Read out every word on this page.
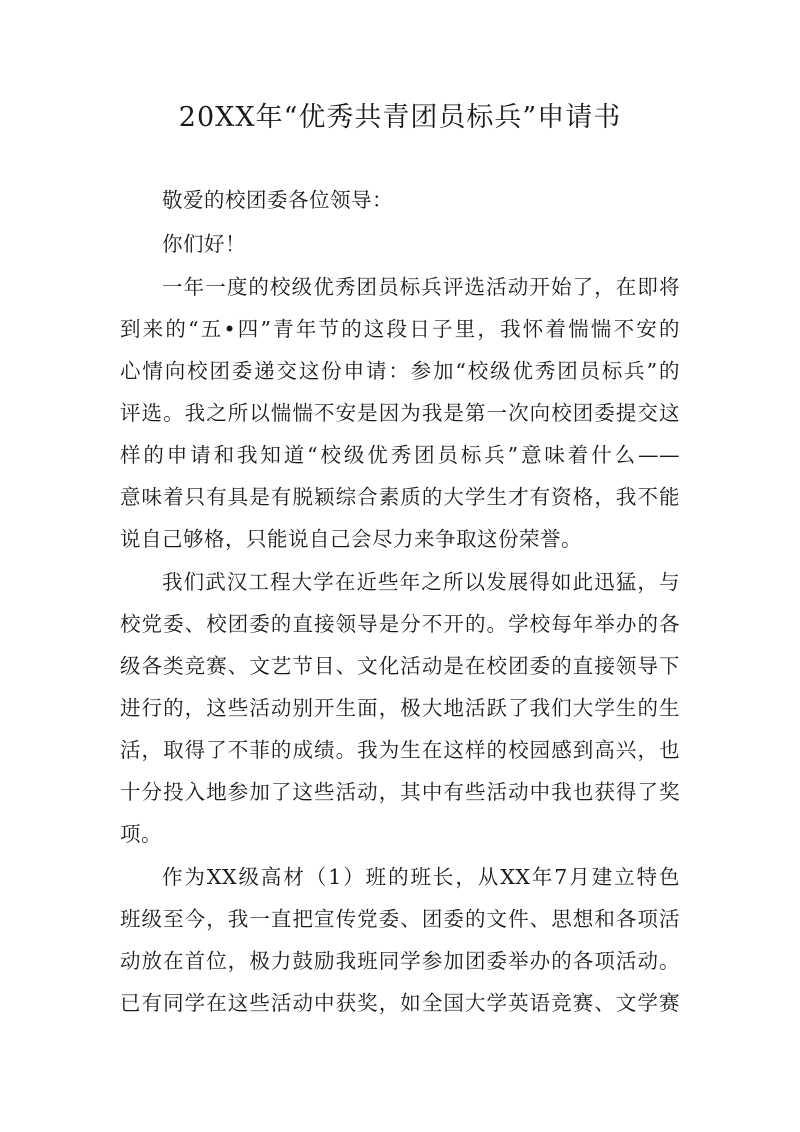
20XX年“优秀共青团员标兵”申请书

敬爱的校团委各位领导：

你们好！

一年一度的校级优秀团员标兵评选活动开始了，在即将

到来的“五•四”青年节的这段日子里，我怀着惴惴不安的

心情向校团委递交这份申请：参加“校级优秀团员标兵”的

评选。我之所以惴惴不安是因为我是第一次向校团委提交这

样的申请和我知道“校级优秀团员标兵”意味着什么——

意味着只有具是有脱颖综合素质的大学生才有资格，我不能

说自己够格，只能说自己会尽力来争取这份荣誉。

我们武汉工程大学在近些年之所以发展得如此迅猛，与

校党委、校团委的直接领导是分不开的。学校每年举办的各

级各类竞赛、文艺节目、文化活动是在校团委的直接领导下

进行的，这些活动别开生面，极大地活跃了我们大学生的生

活，取得了不菲的成绩。我为生在这样的校园感到高兴，也

十分投入地参加了这些活动，其中有些活动中我也获得了奖

项。

作为XX级高材（1）班的班长，从XX年7月建立特色

班级至今，我一直把宣传党委、团委的文件、思想和各项活

动放在首位，极力鼓励我班同学参加团委举办的各项活动。

已有同学在这些活动中获奖，如全国大学英语竞赛、文学赛
